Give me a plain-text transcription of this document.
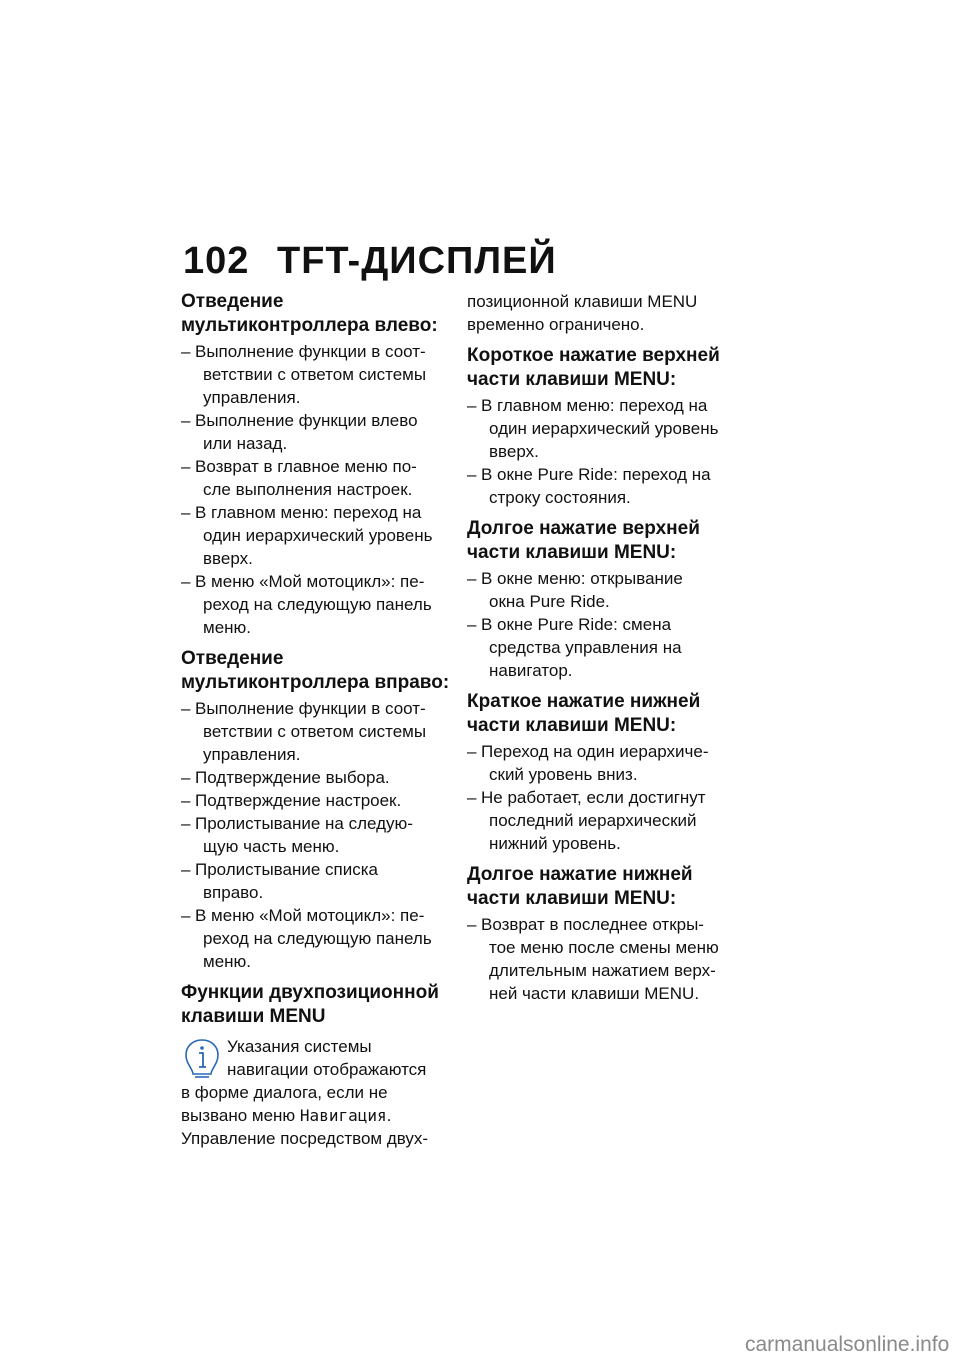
102 TFT-ДИСПЛЕЙ
Отведение
мультиконтроллера влево:
– Выполнение функции в соот-
ветствии с ответом системы
управления.
– Выполнение функции влево
или назад.
– Возврат в главное меню по-
сле выполнения настроек.
– В главном меню: переход на
один иерархический уровень
вверх.
– В меню «Мой мотоцикл»: пе-
реход на следующую панель
меню.
Отведение
мультиконтроллера вправо:
– Выполнение функции в соот-
ветствии с ответом системы
управления.
– Подтверждение выбора.
– Подтверждение настроек.
– Пролистывание на следую-
щую часть меню.
– Пролистывание списка
вправо.
– В меню «Мой мотоцикл»: пе-
реход на следующую панель
меню.
Функции двухпозиционной
клавиши MENU
Указания системы
навигации отображаются

в форме диалога, если не

вызвано меню Навигация.

Управление посредством двух-

позиционной клавиши MENU

временно ограничено.

Короткое нажатие верхней
части клавиши MENU:
– В главном меню: переход на
один иерархический уровень
вверх.
– В окне Pure Ride: переход на
строку состояния.
Долгое нажатие верхней
части клавиши MENU:
– В окне меню: открывание
окна Pure Ride.
– В окне Pure Ride: смена
средства управления на
навигатор.
Краткое нажатие нижней
части клавиши MENU:
– Переход на один иерархиче-
ский уровень вниз.
– Не работает, если достигнут
последний иерархический
нижний уровень.
Долгое нажатие нижней
части клавиши MENU:
– Возврат в последнее откры-
тое меню после смены меню
длительным нажатием верх-
ней части клавиши MENU.
carmanualsonline.info
